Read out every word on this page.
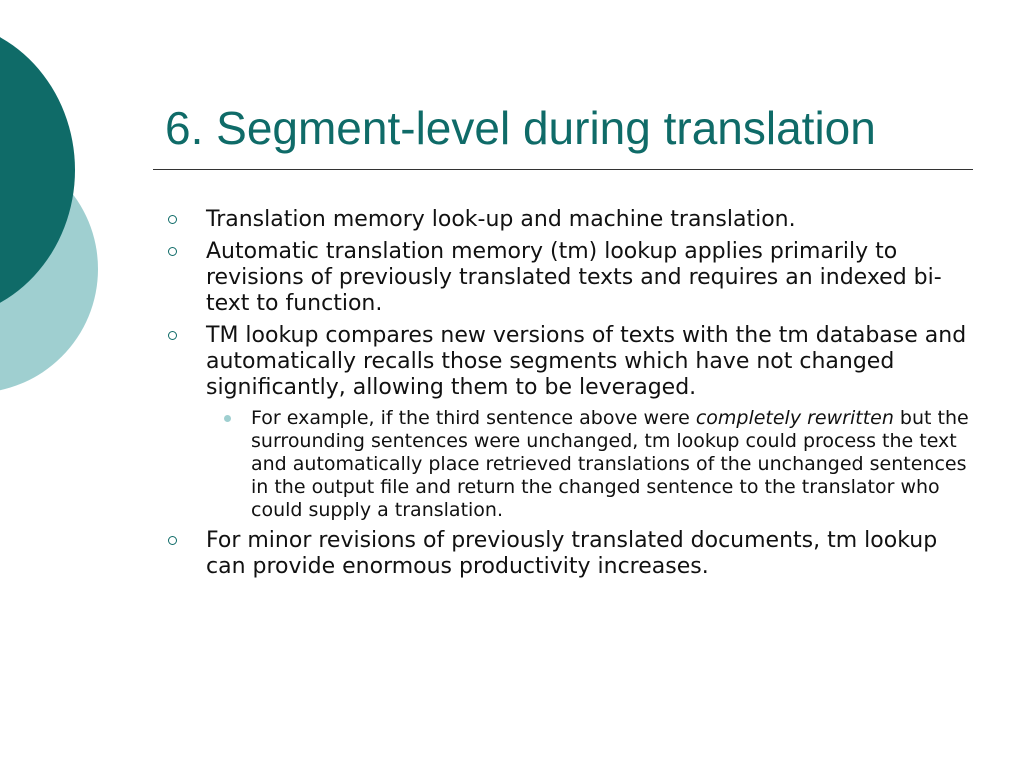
6. Segment-level during translation
Translation memory look-up and machine translation.
Automatic translation memory (tm) lookup applies primarily to revisions of previously translated texts and requires an indexed bi-text to function.
TM lookup compares new versions of texts with the tm database and automatically recalls those segments which have not changed significantly, allowing them to be leveraged.
For example, if the third sentence above were completely rewritten but the surrounding sentences were unchanged, tm lookup could process the text and automatically place retrieved translations of the unchanged sentences in the output file and return the changed sentence to the translator who could supply a translation.
For minor revisions of previously translated documents, tm lookup can provide enormous productivity increases.
